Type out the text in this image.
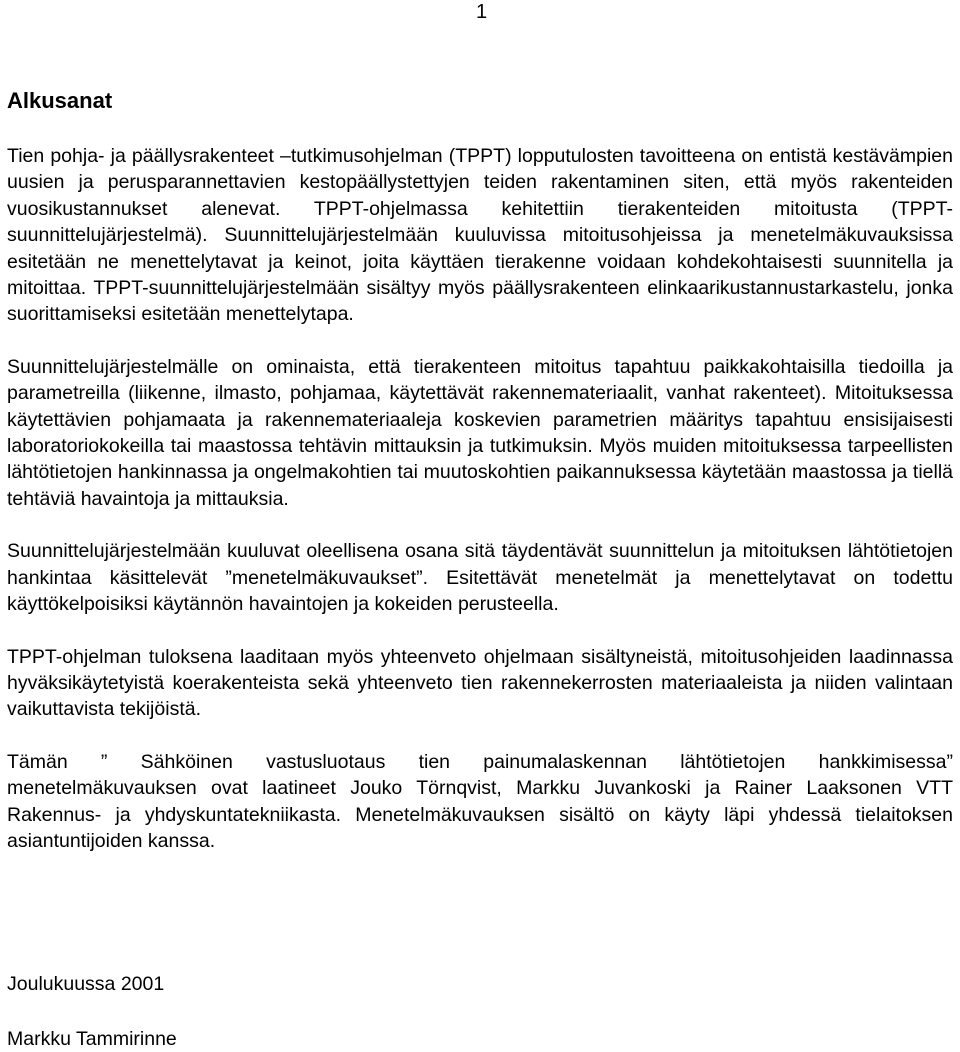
1
Alkusanat

Tien pohja- ja päällysrakenteet –tutkimusohjelman (TPPT) lopputulosten tavoitteena on entistä kestävämpien uusien ja perusparannettavien kestopäällystettyjen teiden rakentaminen siten, että myös rakenteiden vuosikustannukset alenevat. TPPT-ohjelmassa kehitettiin tierakenteiden mitoitusta (TPPT-suunnittelujärjestelmä). Suunnittelujärjestelmään kuuluvissa mitoitusohjeissa ja menetelmäkuvauksissa esitetään ne menettelytavat ja keinot, joita käyttäen tierakenne voidaan kohdekohtaisesti suunnitella ja mitoittaa. TPPT-suunnittelujärjestelmään sisältyy myös päällysrakenteen elinkaarikustannustarkastelu, jonka suorittamiseksi esitetään menettelytapa.

Suunnittelujärjestelmälle on ominaista, että tierakenteen mitoitus tapahtuu paikkakohtaisilla tiedoilla ja parametreilla (liikenne, ilmasto, pohjamaa, käytettävät rakennemateriaalit, vanhat rakenteet). Mitoituksessa käytettävien pohjamaata ja rakennemateriaaleja koskevien parametrien määritys tapahtuu ensisijaisesti laboratoriokokeilla tai maastossa tehtävin mittauksin ja tutkimuksin. Myös muiden mitoituksessa tarpeellisten lähtötietojen hankinnassa ja ongelmakohtien tai muutoskohtien paikannuksessa käytetään maastossa ja tiellä tehtäviä havaintoja ja mittauksia.

Suunnittelujärjestelmään kuuluvat oleellisena osana sitä täydentävät suunnittelun ja mitoituksen lähtötietojen hankintaa käsittelevät ”menetelmäkuvaukset”. Esitettävät menetelmät ja menettelytavat on todettu käyttökelpoisiksi käytännön havaintojen ja kokeiden perusteella.

TPPT-ohjelman tuloksena laaditaan myös yhteenveto ohjelmaan sisältyneistä, mitoitusohjeiden laadinnassa hyväksikäytetyistä koerakenteista sekä yhteenveto tien rakennekerrosten materiaaleista ja niiden valintaan vaikuttavista tekijöistä.

Tämän ” Sähköinen vastusluotaus tien painumalaskennan lähtötietojen hankkimisessa” menetelmäkuvauksen ovat laatineet Jouko Törnqvist, Markku Juvankoski ja Rainer Laaksonen VTT Rakennus- ja yhdyskuntatekniikasta. Menetelmäkuvauksen sisältö on käyty läpi yhdessä tielaitoksen asiantuntijoiden kanssa.

Joulukuussa 2001

Markku Tammirinne
